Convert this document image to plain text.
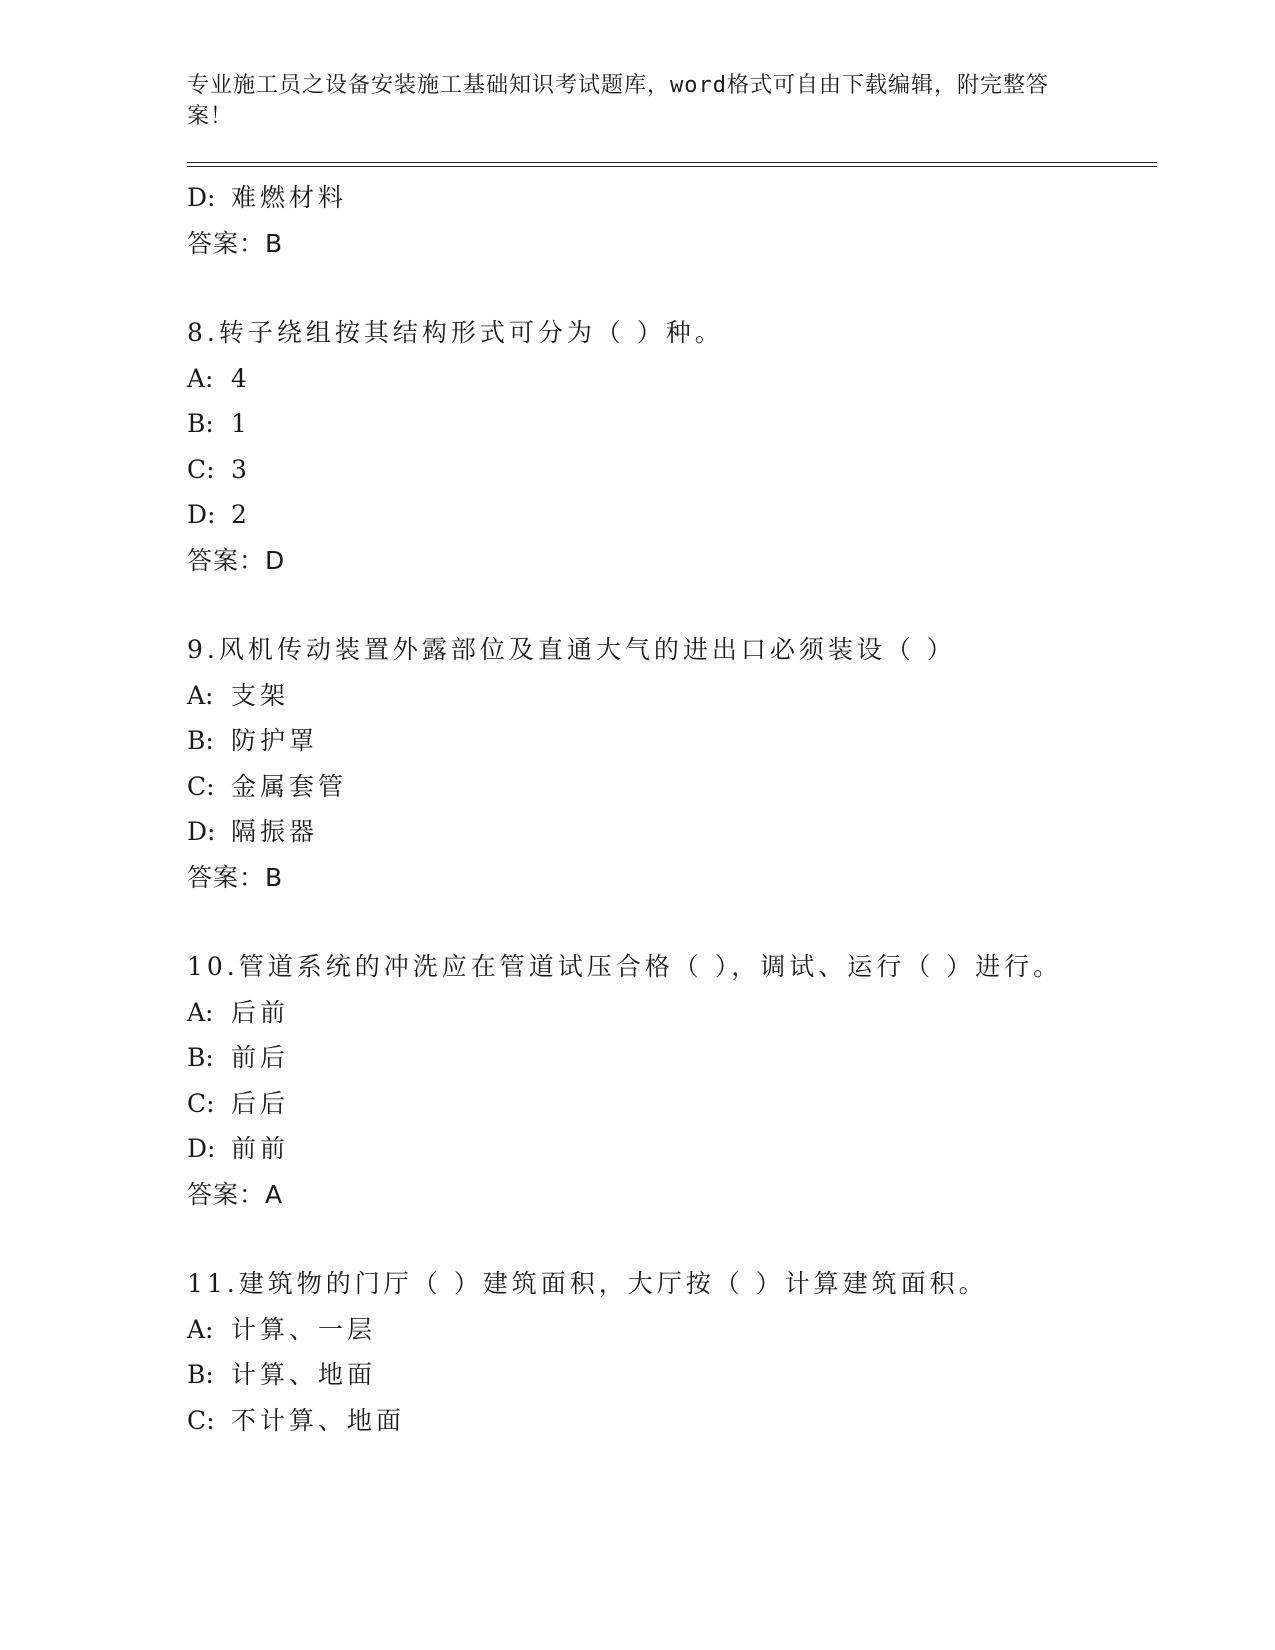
专业施工员之设备安装施工基础知识考试题库，word格式可自由下载编辑，附完整答案！
D: 难燃材料
答案：B
8.转子绕组按其结构形式可分为（ ）种。
A: 4
B: 1
C: 3
D: 2
答案：D
9.风机传动装置外露部位及直通大气的进出口必须装设（ ）
A: 支架
B: 防护罩
C: 金属套管
D: 隔振器
答案：B
10.管道系统的冲洗应在管道试压合格（ ），调试、运行（ ）进行。
A: 后前
B: 前后
C: 后后
D: 前前
答案：A
11.建筑物的门厅（ ）建筑面积，大厅按（ ）计算建筑面积。
A: 计算、一层
B: 计算、地面
C: 不计算、地面
